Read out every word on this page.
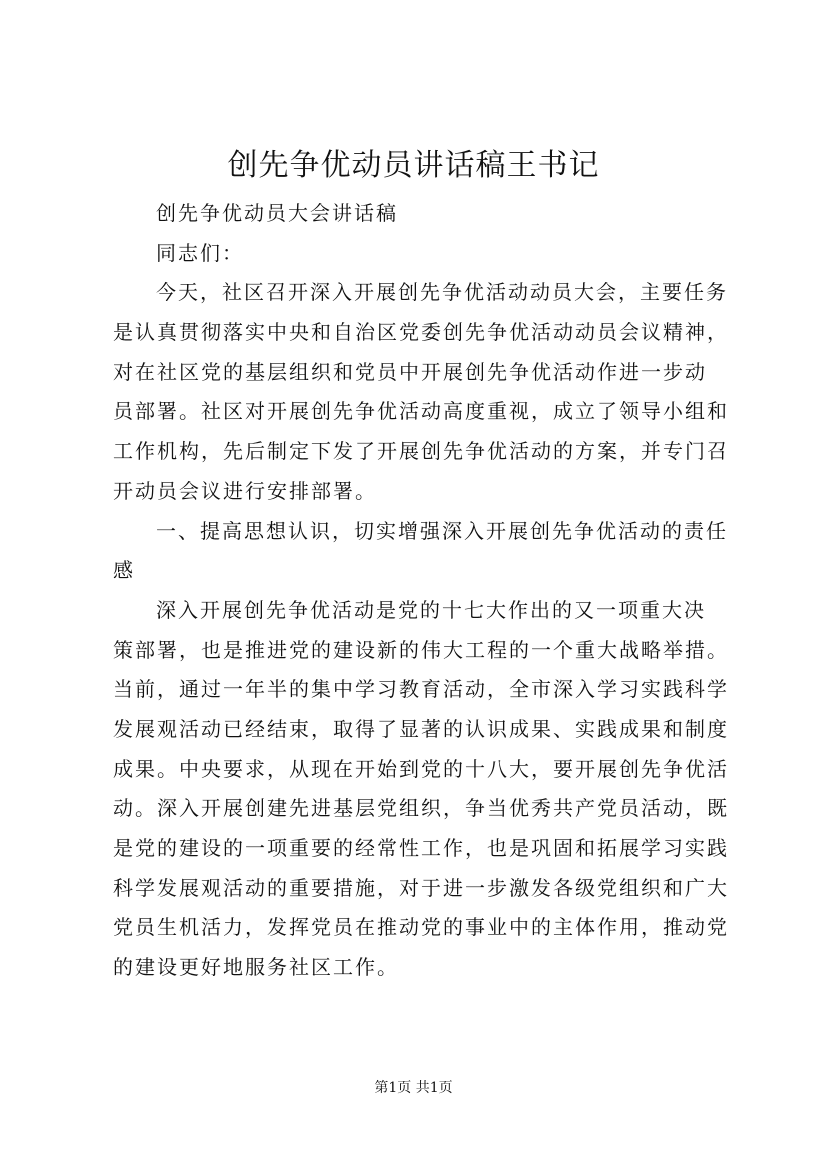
创先争优动员讲话稿王书记
创先争优动员大会讲话稿
同志们：
今天，社区召开深入开展创先争优活动动员大会，主要任务
是认真贯彻落实中央和自治区党委创先争优活动动员会议精神，
对在社区党的基层组织和党员中开展创先争优活动作进一步动
员部署。社区对开展创先争优活动高度重视，成立了领导小组和
工作机构，先后制定下发了开展创先争优活动的方案，并专门召
开动员会议进行安排部署。
一、提高思想认识，切实增强深入开展创先争优活动的责任
感
深入开展创先争优活动是党的十七大作出的又一项重大决
策部署，也是推进党的建设新的伟大工程的一个重大战略举措。
当前，通过一年半的集中学习教育活动，全市深入学习实践科学
发展观活动已经结束，取得了显著的认识成果、实践成果和制度
成果。中央要求，从现在开始到党的十八大，要开展创先争优活
动。深入开展创建先进基层党组织，争当优秀共产党员活动，既
是党的建设的一项重要的经常性工作，也是巩固和拓展学习实践
科学发展观活动的重要措施，对于进一步激发各级党组织和广大
党员生机活力，发挥党员在推动党的事业中的主体作用，推动党
的建设更好地服务社区工作。
第1页 共1页
